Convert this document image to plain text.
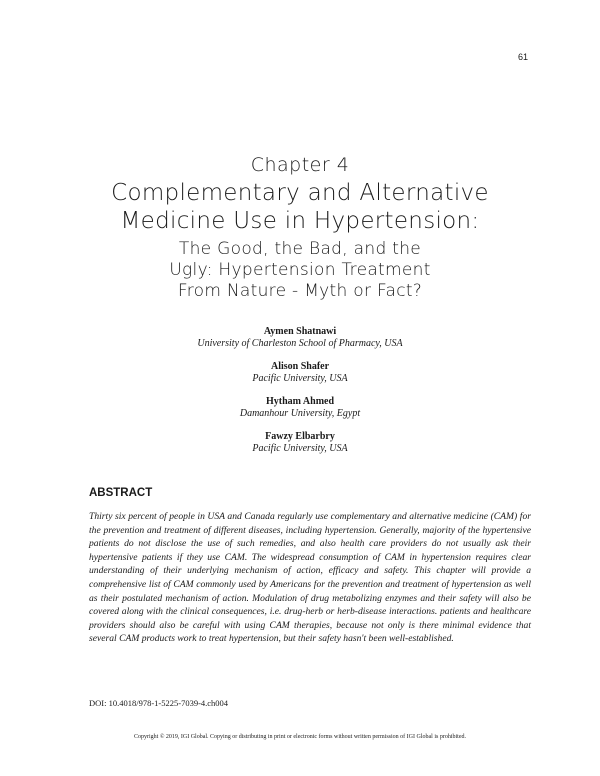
61
Chapter 4
Complementary and Alternative
Medicine Use in Hypertension:
The Good, the Bad, and the
Ugly: Hypertension Treatment
From Nature - Myth or Fact?
Aymen Shatnawi
University of Charleston School of Pharmacy, USA
Alison Shafer
Pacific University, USA
Hytham Ahmed
Damanhour University, Egypt
Fawzy Elbarbry
Pacific University, USA
ABSTRACT
Thirty six percent of people in USA and Canada regularly use complementary and alternative medicine (CAM) for the prevention and treatment of different diseases, including hypertension. Generally, majority of the hypertensive patients do not disclose the use of such remedies, and also health care providers do not usually ask their hypertensive patients if they use CAM. The widespread consumption of CAM in hypertension requires clear understanding of their underlying mechanism of action, efficacy and safety. This chapter will provide a comprehensive list of CAM commonly used by Americans for the prevention and treatment of hypertension as well as their postulated mechanism of action. Modulation of drug metabolizing enzymes and their safety will also be covered along with the clinical consequences, i.e. drug-herb or herb-disease interactions. patients and healthcare providers should also be careful with using CAM therapies, because not only is there minimal evidence that several CAM products work to treat hypertension, but their safety hasn't been well-established.
DOI: 10.4018/978-1-5225-7039-4.ch004
Copyright © 2019, IGI Global. Copying or distributing in print or electronic forms without written permission of IGI Global is prohibited.
